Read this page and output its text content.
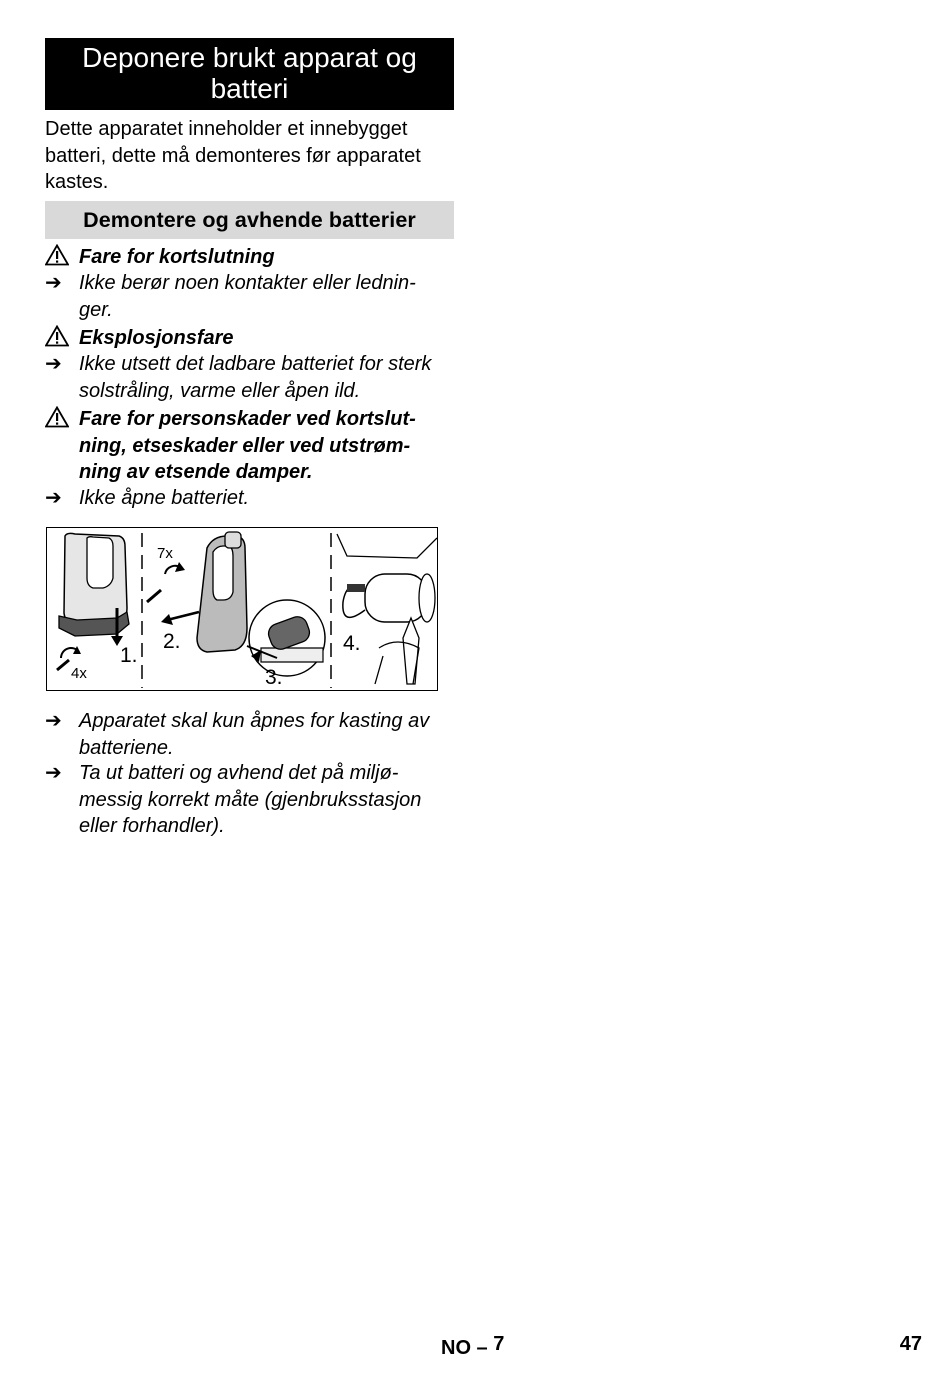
Deponere brukt apparat og
batteri
Dette apparatet inneholder et innebygget batteri, dette må demonteres før apparatet kastes.
Demontere og avhende batterier
Fare for kortslutning
➔ Ikke berør noen kontakter eller lednin-
ger.
Eksplosjonsfare
➔ Ikke utsett det ladbare batteriet for sterk
solstråling, varme eller åpen ild.
Fare for personskader ved kortslut-
ning, etseskader eller ved utstrøm-
ning av etsende damper.
➔ Ikke åpne batteriet.
1.
4x
7x
2.
3.
4.
➔ Apparatet skal kun åpnes for kasting av
batteriene.
➔ Ta ut batteri og avhend det på miljø-
messig korrekt måte (gjenbruksstasjon
eller forhandler).
NO – $^7$	47
